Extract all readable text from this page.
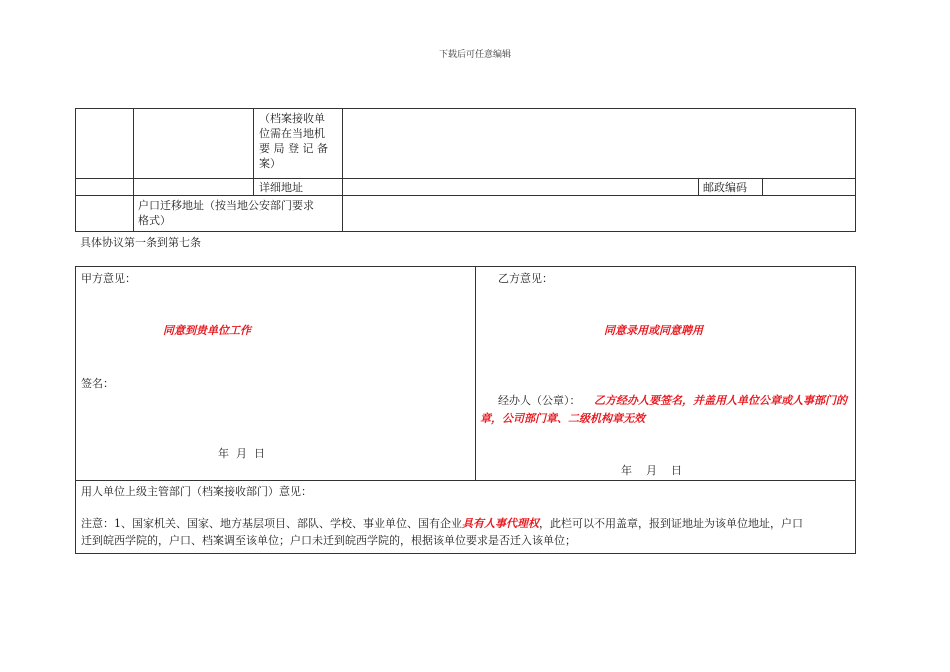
下载后可任意编辑
（档案接收单
位需在当地机
要 局 登 记 备
案）
详细地址	邮政编码
户口迁移地址（按当地公安部门要求
格式）
具体协议第一条到第七条
甲方意见：
同意到贵单位工作
签名：
年  月  日
乙方意见：
同意录用或同意聘用
经办人（公章）： 乙方经办人要签名，并盖用人单位公章或人事部门的
章，公司部门章、二级机构章无效
年    月    日
用人单位上级主管部门（档案接收部门）意见：
注意：1、国家机关、国家、地方基层项目、部队、学校、事业单位、国有企业具有人事代理权，此栏可以不用盖章，报到证地址为该单位地址，户口
迁到皖西学院的，户口、档案调至该单位；户口未迁到皖西学院的，根据该单位要求是否迁入该单位；
